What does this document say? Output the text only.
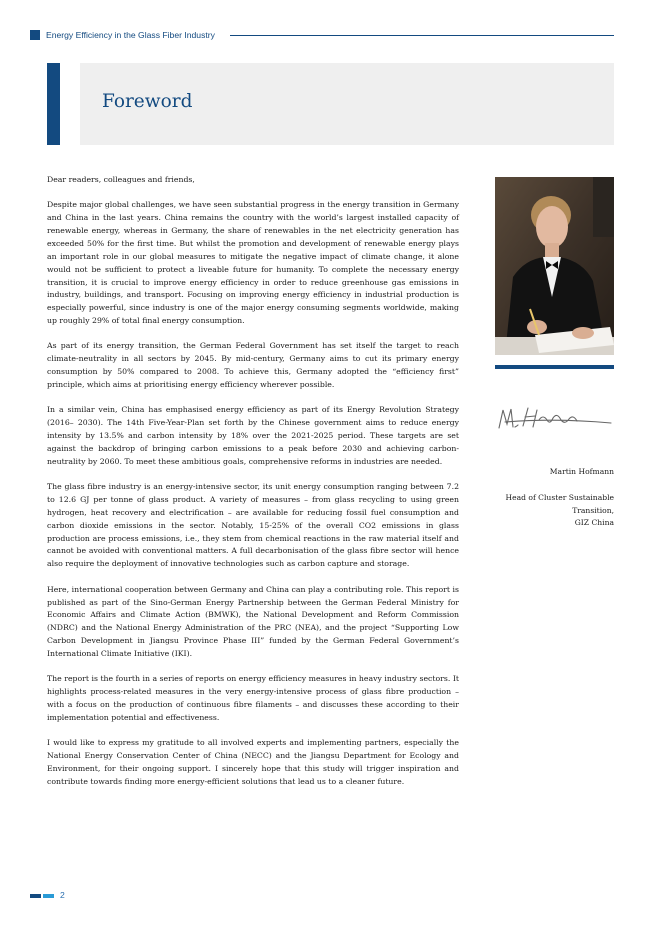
Energy Efficiency in the Glass Fiber Industry
Foreword

Dear readers, colleagues and friends,

Despite major global challenges, we have seen substantial progress in the energy transition in Germany and China in the last years. China remains the country with the world’s largest installed capacity of renewable energy, whereas in Germany, the share of renewables in the net electricity generation has exceeded 50% for the first time. But whilst the promotion and development of renewable energy plays an important role in our global measures to mitigate the negative impact of climate change, it alone would not be sufficient to protect a liveable future for humanity. To complete the necessary energy transition, it is crucial to improve energy efficiency in order to reduce greenhouse gas emissions in industry, buildings, and transport. Focusing on improving energy efficiency in industrial production is especially powerful, since industry is one of the major energy consuming segments worldwide, making up roughly 29% of total final energy consumption.

As part of its energy transition, the German Federal Government has set itself the target to reach climate-neutrality in all sectors by 2045. By mid-century, Germany aims to cut its primary energy consumption by 50% compared to 2008. To achieve this, Germany adopted the “efficiency first” principle, which aims at prioritising energy efficiency wherever possible.

In a similar vein, China has emphasised energy efficiency as part of its Energy Revolution Strategy (2016– 2030). The 14th Five-Year-Plan set forth by the Chinese government aims to reduce energy intensity by 13.5% and carbon intensity by 18% over the 2021-2025 period. These targets are set against the backdrop of bringing carbon emissions to a peak before 2030 and achieving carbon-neutrality by 2060. To meet these ambitious goals, comprehensive reforms in industries are needed.

The glass fibre industry is an energy-intensive sector, its unit energy consumption ranging between 7.2 to 12.6 GJ per tonne of glass product. A variety of measures – from glass recycling to using green hydrogen, heat recovery and electrification – are available for reducing fossil fuel consumption and carbon dioxide emissions in the sector. Notably, 15-25% of the overall CO2 emissions in glass production are process emissions, i.e., they stem from chemical reactions in the raw material itself and cannot be avoided with conventional matters. A full decarbonisation of the glass fibre sector will hence also require the deployment of innovative technologies such as carbon capture and storage.

Here, international cooperation between Germany and China can play a contributing role. This report is published as part of the Sino-German Energy Partnership between the German Federal Ministry for Economic Affairs and Climate Action (BMWK), the National Development and Reform Commission (NDRC) and the National Energy Administration of the PRC (NEA), and the project “Supporting Low Carbon Development in Jiangsu Province Phase III” funded by the German Federal Government’s International Climate Initiative (IKI).

The report is the fourth in a series of reports on energy efficiency measures in heavy industry sectors. It highlights process-related measures in the very energy-intensive process of glass fibre production – with a focus on the production of continuous fibre filaments – and discusses these according to their implementation potential and effectiveness.

I would like to express my gratitude to all involved experts and implementing partners, especially the National Energy Conservation Center of China (NECC) and the Jiangsu Department for Ecology and Environment, for their ongoing support. I sincerely hope that this study will trigger inspiration and contribute towards finding more energy-efficient solutions that lead us to a cleaner future.

Martin Hofmann
Head of Cluster Sustainable
Transition,
GIZ China
2
